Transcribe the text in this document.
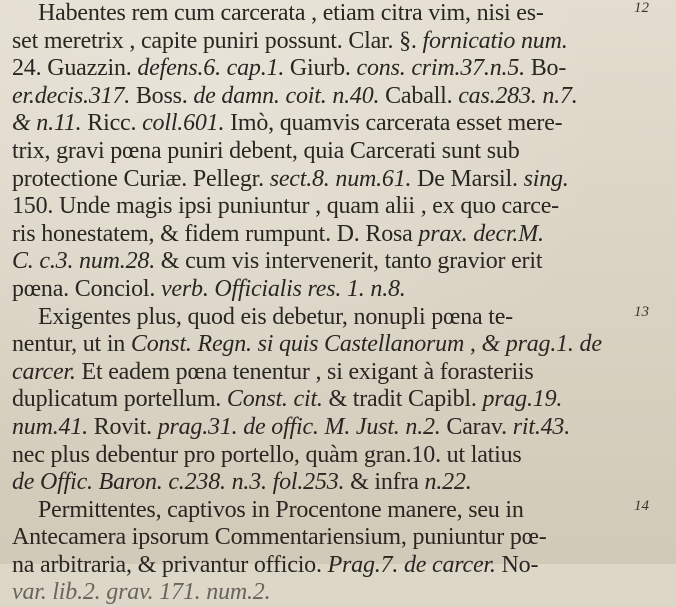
Habentes rem cum carcerata , etiam citra vim, nisi es-
set meretrix , capite puniri possunt. Clar. §. fornicatio num.
24. Guazzin. defens.6. cap.1. Giurb. cons. crim.37.n.5. Bo-
er.decis.317. Boss. de damn. coit. n.40. Caball. cas.283. n.7.
& n.11. Ricc. coll.601. Imò, quamvis carcerata esset mere-
trix, gravi pœna puniri debent, quia Carcerati sunt sub
protectione Curiæ. Pellegr. sect.8. num.61. De Marsil. sing.
150. Unde magis ipsi puniuntur , quam alii , ex quo carce-
ris honestatem, & fidem rumpunt. D. Rosa prax. decr.M.
C. c.3. num.28. & cum vis intervenerit, tanto gravior erit
pœna. Conciol. verb. Officialis res. 1. n.8.
Exigentes plus, quod eis debetur, nonupli pœna te-
nentur, ut in Const. Regn. si quis Castellanorum , & prag.1. de
carcer. Et eadem pœna tenentur , si exigant à forasteriis
duplicatum portellum. Const. cit. & tradit Capibl. prag.19.
num.41. Rovit. prag.31. de offic. M. Just. n.2. Carav. rit.43.
nec plus debentur pro portello, quàm gran.10. ut latius
de Offic. Baron. c.238. n.3. fol.253. & infra n.22.
Permittentes, captivos in Procentone manere, seu in
Antecamera ipsorum Commentariensium, puniuntur pœ-
na arbitraria, & privantur officio. Prag.7. de carcer. No-
var. lib.2. grav. 171. num.2.
12
13
14
